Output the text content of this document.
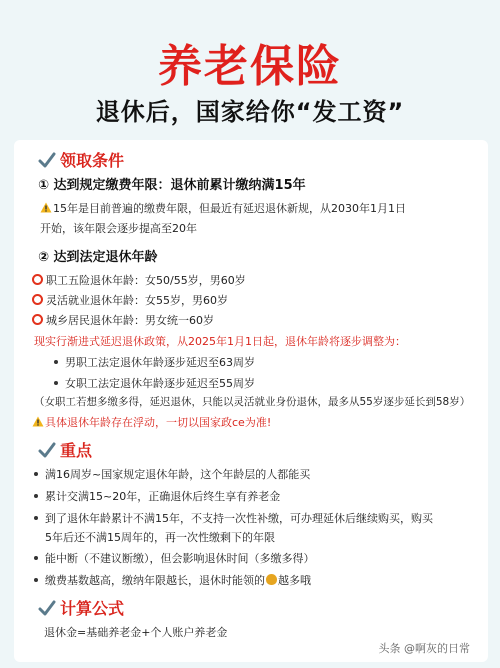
养老保险
退休后，国家给你“发工资”
领取条件
① 达到规定缴费年限：退休前累计缴纳满15年
15年是目前普遍的缴费年限，但最近有延迟退休新规，从2030年1月1日
开始，该年限会逐步提高至20年
② 达到法定退休年龄
职工五险退休年龄：女50/55岁，男60岁
灵活就业退休年龄：女55岁，男60岁
城乡居民退休年龄：男女统一60岁
现实行渐进式延迟退休政策，从2025年1月1日起，退休年龄将逐步调整为：
男职工法定退休年龄逐步延迟至63周岁
女职工法定退休年龄逐步延迟至55周岁
（女职工若想多缴多得，延迟退休，只能以灵活就业身份退休，最多从55岁逐步延长到58岁）
具体退休年龄存在浮动，一切以国家政ce为准!
重点
满16周岁~国家规定退休年龄，这个年龄层的人都能买
累计交满15~20年，正确退休后终生享有养老金
到了退休年龄累计不满15年，不支持一次性补缴，可办理延休后继续购买，购买
5年后还不满15周年的，再一次性缴剩下的年限
能中断（不建议断缴），但会影响退休时间（多缴多得）
缴费基数越高，缴纳年限越长，退休时能领的 越多哦
计算公式
退休金=基础养老金+个人账户养老金
头条 @啊灰的日常
